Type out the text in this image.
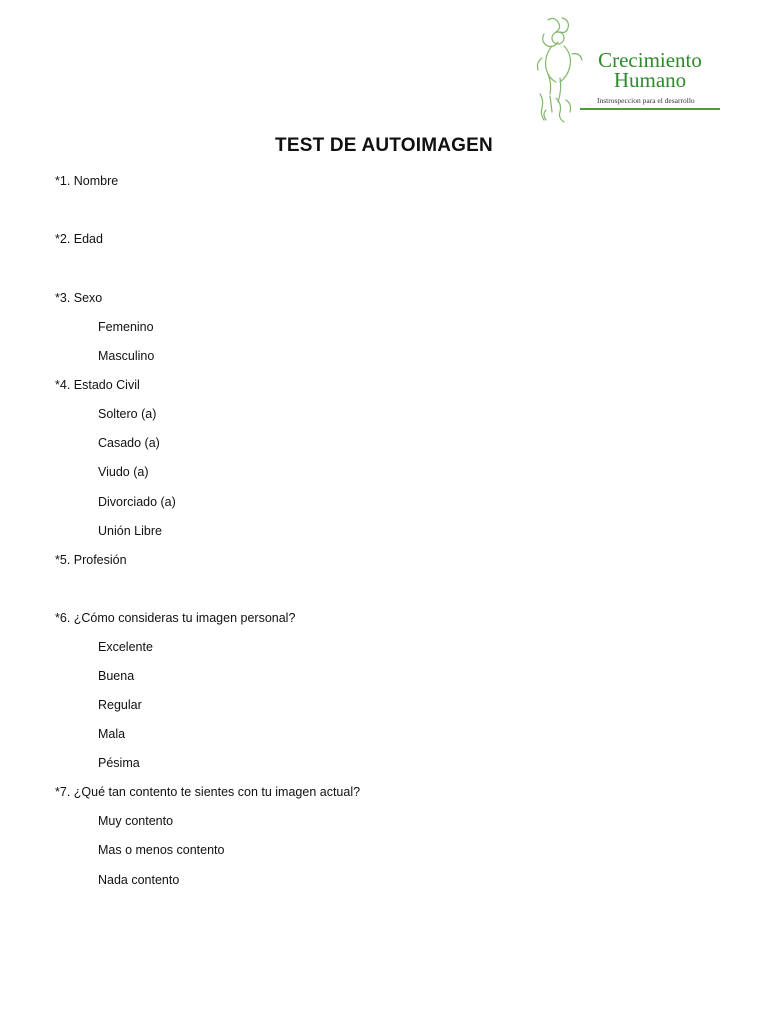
Crecimiento
Humano
Instrospeccion para el desarrollo
TEST DE AUTOIMAGEN
*1. Nombre
*2. Edad
*3. Sexo
Femenino
Masculino
*4. Estado Civil
Soltero (a)
Casado (a)
Viudo (a)
Divorciado (a)
Unión Libre
*5. Profesión
*6. ¿Cómo consideras tu imagen personal?
Excelente
Buena
Regular
Mala
Pésima
*7. ¿Qué tan contento te sientes con tu imagen actual?
Muy contento
Mas o menos contento
Nada contento
